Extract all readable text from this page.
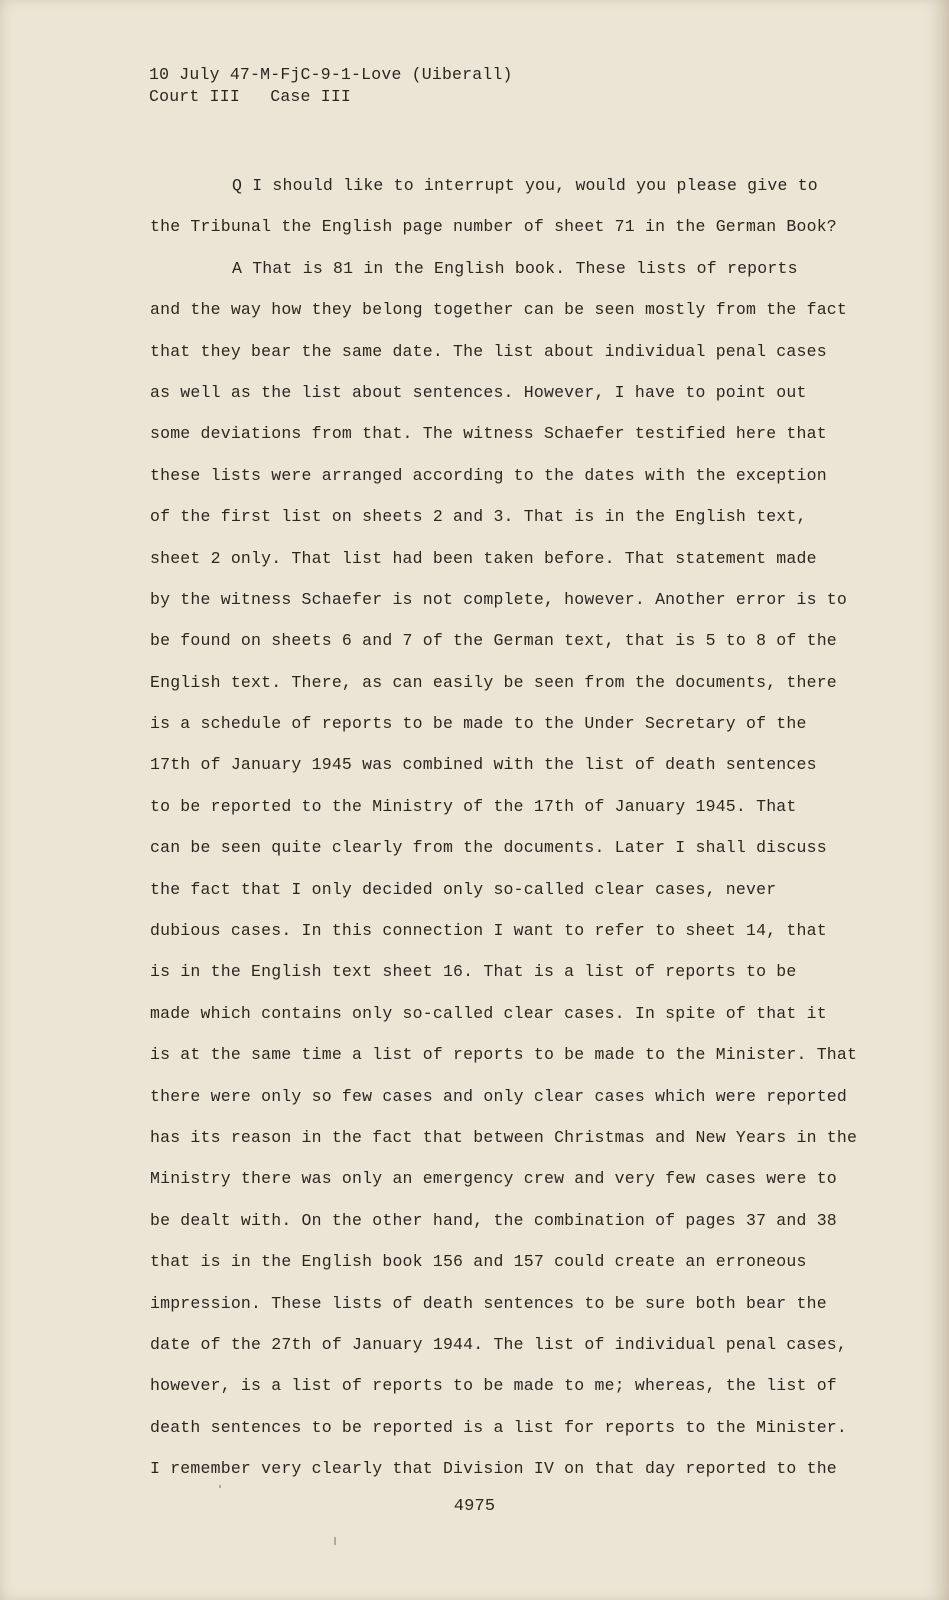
10 July 47-M-FjC-9-1-Love (Uiberall)
Court III   Case III
Q I should like to interrupt you, would you please give to
the Tribunal the English page number of sheet 71 in the German Book?
A That is 81 in the English book. These lists of reports
and the way how they belong together can be seen mostly from the fact
that they bear the same date. The list about individual penal cases
as well as the list about sentences. However, I have to point out
some deviations from that. The witness Schaefer testified here that
these lists were arranged according to the dates with the exception
of the first list on sheets 2 and 3. That is in the English text,
sheet 2 only. That list had been taken before. That statement made
by the witness Schaefer is not complete, however. Another error is to
be found on sheets 6 and 7 of the German text, that is 5 to 8 of the
English text. There, as can easily be seen from the documents, there
is a schedule of reports to be made to the Under Secretary of the
17th of January 1945 was combined with the list of death sentences
to be reported to the Ministry of the 17th of January 1945. That
can be seen quite clearly from the documents. Later I shall discuss
the fact that I only decided only so-called clear cases, never
dubious cases. In this connection I want to refer to sheet 14, that
is in the English text sheet 16. That is a list of reports to be
made which contains only so-called clear cases. In spite of that it
is at the same time a list of reports to be made to the Minister. That
there were only so few cases and only clear cases which were reported
has its reason in the fact that between Christmas and New Years in the
Ministry there was only an emergency crew and very few cases were to
be dealt with. On the other hand, the combination of pages 37 and 38
that is in the English book 156 and 157 could create an erroneous
impression. These lists of death sentences to be sure both bear the
date of the 27th of January 1944. The list of individual penal cases,
however, is a list of reports to be made to me; whereas, the list of
death sentences to be reported is a list for reports to the Minister.
I remember very clearly that Division IV on that day reported to the
4975
